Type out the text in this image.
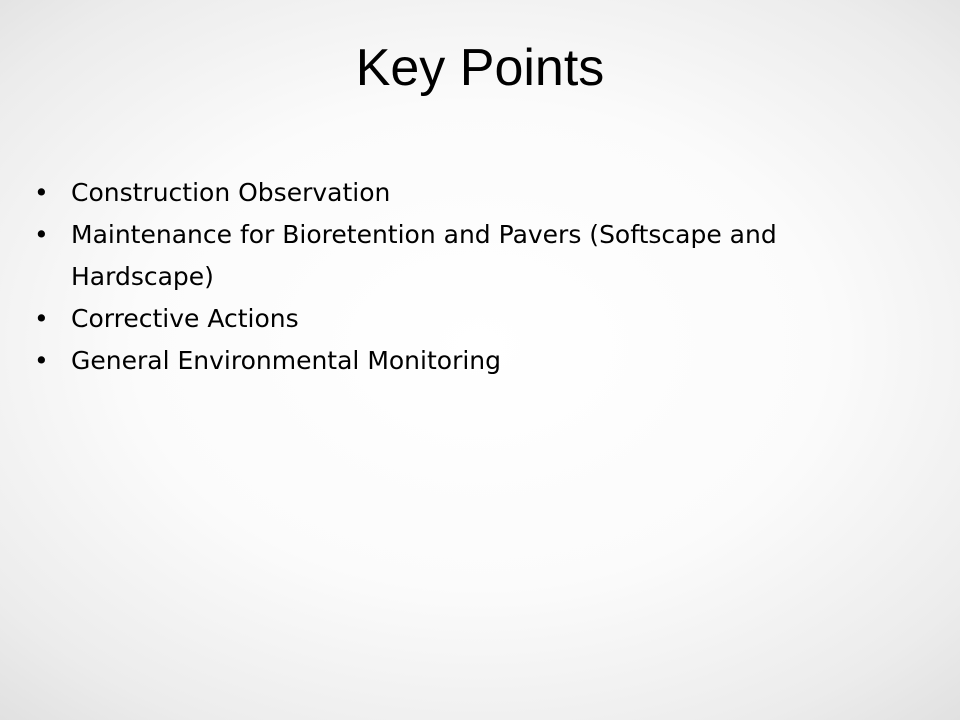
Key Points
• Construction Observation
• Maintenance for Bioretention and Pavers (Softscape and Hardscape)
• Corrective Actions
• General Environmental Monitoring
